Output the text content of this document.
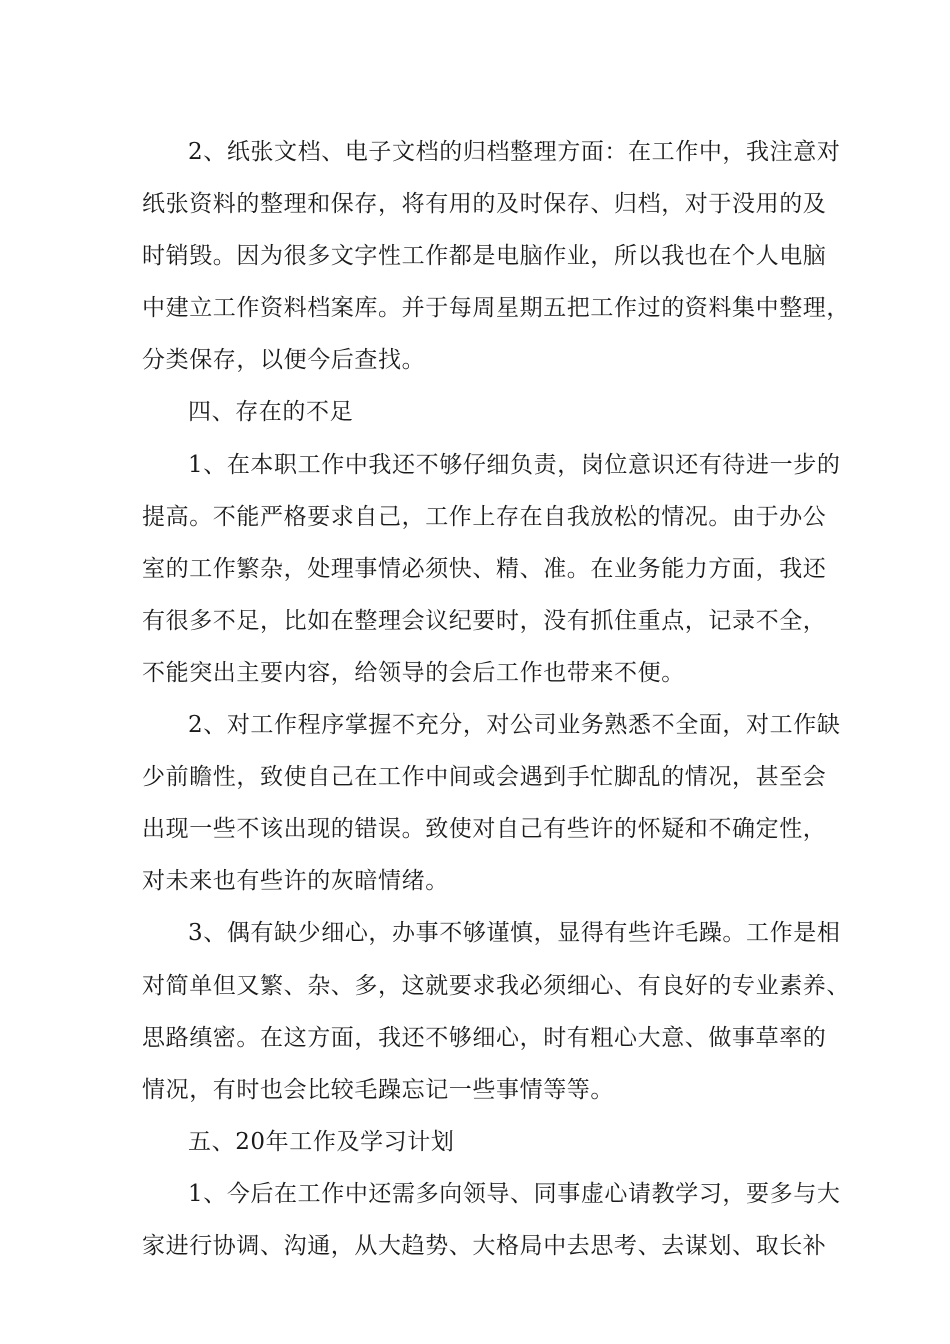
2、纸张文档、电子文档的归档整理方面：在工作中，我注意对
纸张资料的整理和保存，将有用的及时保存、归档，对于没用的及
时销毁。因为很多文字性工作都是电脑作业，所以我也在个人电脑
中建立工作资料档案库。并于每周星期五把工作过的资料集中整理，
分类保存，以便今后查找。
四、存在的不足
1、在本职工作中我还不够仔细负责，岗位意识还有待进一步的
提高。不能严格要求自己，工作上存在自我放松的情况。由于办公
室的工作繁杂，处理事情必须快、精、准。在业务能力方面，我还
有很多不足，比如在整理会议纪要时，没有抓住重点，记录不全，
不能突出主要内容，给领导的会后工作也带来不便。
2、对工作程序掌握不充分，对公司业务熟悉不全面，对工作缺
少前瞻性，致使自己在工作中间或会遇到手忙脚乱的情况，甚至会
出现一些不该出现的错误。致使对自己有些许的怀疑和不确定性，
对未来也有些许的灰暗情绪。
3、偶有缺少细心，办事不够谨慎，显得有些许毛躁。工作是相
对简单但又繁、杂、多，这就要求我必须细心、有良好的专业素养、
思路缜密。在这方面，我还不够细心，时有粗心大意、做事草率的
情况，有时也会比较毛躁忘记一些事情等等。
五、20年工作及学习计划
1、今后在工作中还需多向领导、同事虚心请教学习，要多与大
家进行协调、沟通，从大趋势、大格局中去思考、去谋划、取长补
